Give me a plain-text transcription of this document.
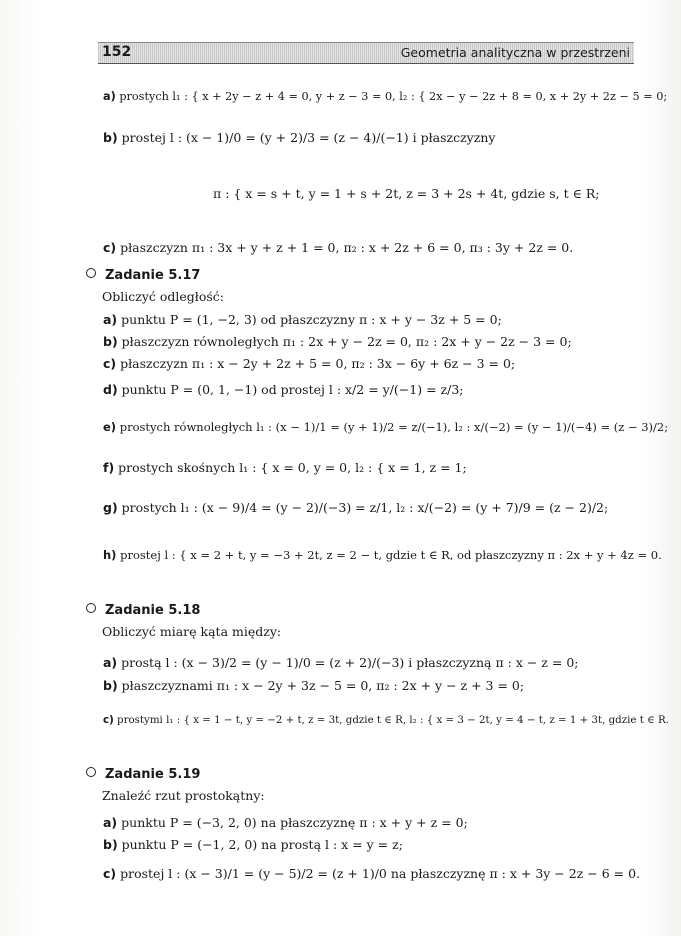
152	Geometria analityczna w przestrzeni
Zadanie 5.17
Obliczyć odległość:
Zadanie 5.18
Obliczyć miarę kąta między:
Zadanie 5.19
Znaleźć rzut prostokątny:
a) prostych l₁ : { x + 2y − z + 4 = 0, y + z − 3 = 0, l₂ : { 2x − y − 2z + 8 = 0, x + 2y + 2z − 5 = 0;
b) prostej l : (x − 1)/0 = (y + 2)/3 = (z − 4)/(−1) i płaszczyzny
π : { x = s + t, y = 1 + s + 2t, z = 3 + 2s + 4t, gdzie s, t ∈ R;
c) płaszczyzn π₁ : 3x + y + z + 1 = 0, π₂ : x + 2z + 6 = 0, π₃ : 3y + 2z = 0.
a) punktu P = (1, −2, 3) od płaszczyzny π : x + y − 3z + 5 = 0;
b) płaszczyzn równoległych π₁ : 2x + y − 2z = 0, π₂ : 2x + y − 2z − 3 = 0;
c) płaszczyzn π₁ : x − 2y + 2z + 5 = 0, π₂ : 3x − 6y + 6z − 3 = 0;
d) punktu P = (0, 1, −1) od prostej l : x/2 = y/(−1) = z/3;
e) prostych równoległych l₁ : (x − 1)/1 = (y + 1)/2 = z/(−1), l₂ : x/(−2) = (y − 1)/(−4) = (z − 3)/2;
f) prostych skośnych l₁ : { x = 0, y = 0, l₂ : { x = 1, z = 1;
g) prostych l₁ : (x − 9)/4 = (y − 2)/(−3) = z/1, l₂ : x/(−2) = (y + 7)/9 = (z − 2)/2;
h) prostej l : { x = 2 + t, y = −3 + 2t, z = 2 − t, gdzie t ∈ R, od płaszczyzny π : 2x + y + 4z = 0.
a) prostą l : (x − 3)/2 = (y − 1)/0 = (z + 2)/(−3) i płaszczyzną π : x − z = 0;
b) płaszczyznami π₁ : x − 2y + 3z − 5 = 0, π₂ : 2x + y − z + 3 = 0;
c) prostymi l₁ : { x = 1 − t, y = −2 + t, z = 3t, gdzie t ∈ R, l₂ : { x = 3 − 2t, y = 4 − t, z = 1 + 3t, gdzie t ∈ R.
a) punktu P = (−3, 2, 0) na płaszczyznę π : x + y + z = 0;
b) punktu P = (−1, 2, 0) na prostą l : x = y = z;
c) prostej l : (x − 3)/1 = (y − 5)/2 = (z + 1)/0 na płaszczyznę π : x + 3y − 2z − 6 = 0.
